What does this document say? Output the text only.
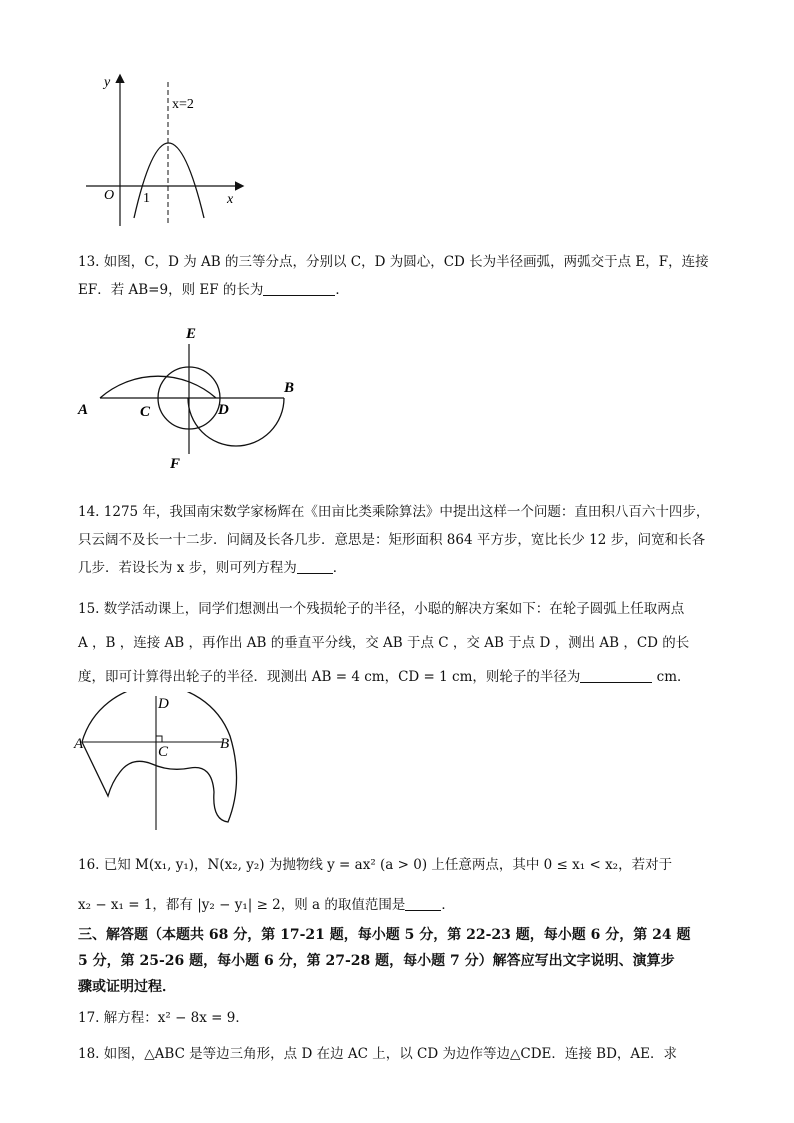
y
x
O 1
x=2
13. 如图，C，D 为 AB 的三等分点，分别以 C，D 为圆心，CD 长为半径画弧，两弧交于点 E，F，连接
EF．若 AB=9，则 EF 的长为	．
A
B
C	D
E
F
14. 1275 年，我国南宋数学家杨辉在《田亩比类乘除算法》中提出这样一个问题：直田积八百六十四步，
只云阔不及长一十二步．问阔及长各几步．意思是：矩形面积 864 平方步，宽比长少 12 步，问宽和长各
几步．若设长为 x 步，则可列方程为	．
15. 数学活动课上，同学们想测出一个残损轮子的半径，小聪的解决方案如下：在轮子圆弧上任取两点
A ，B ，连接 AB ，再作出 AB 的垂直平分线，交 AB 于点 C ，交 AB 于点 D ，测出 AB ，CD 的长
度，即可计算得出轮子的半径．现测出 AB = 4 cm，CD = 1 cm，则轮子的半径为	cm．
A	B
C
D
16. 已知 M(x₁, y₁)，N(x₂, y₂) 为抛物线 y = ax² (a > 0) 上任意两点，其中 0 ≤ x₁ < x₂，若对于
x₂ − x₁ = 1，都有 |y₂ − y₁| ≥ 2，则 a 的取值范围是	．
三、解答题（本题共 68 分，第 17-21 题，每小题 5 分，第 22-23 题，每小题 6 分，第 24 题
5 分，第 25-26 题，每小题 6 分，第 27-28 题，每小题 7 分）解答应写出文字说明、演算步
骤或证明过程．
17. 解方程：x² − 8x = 9．
18. 如图，△ABC 是等边三角形，点 D 在边 AC 上，以 CD 为边作等边△CDE．连接 BD，AE．求
